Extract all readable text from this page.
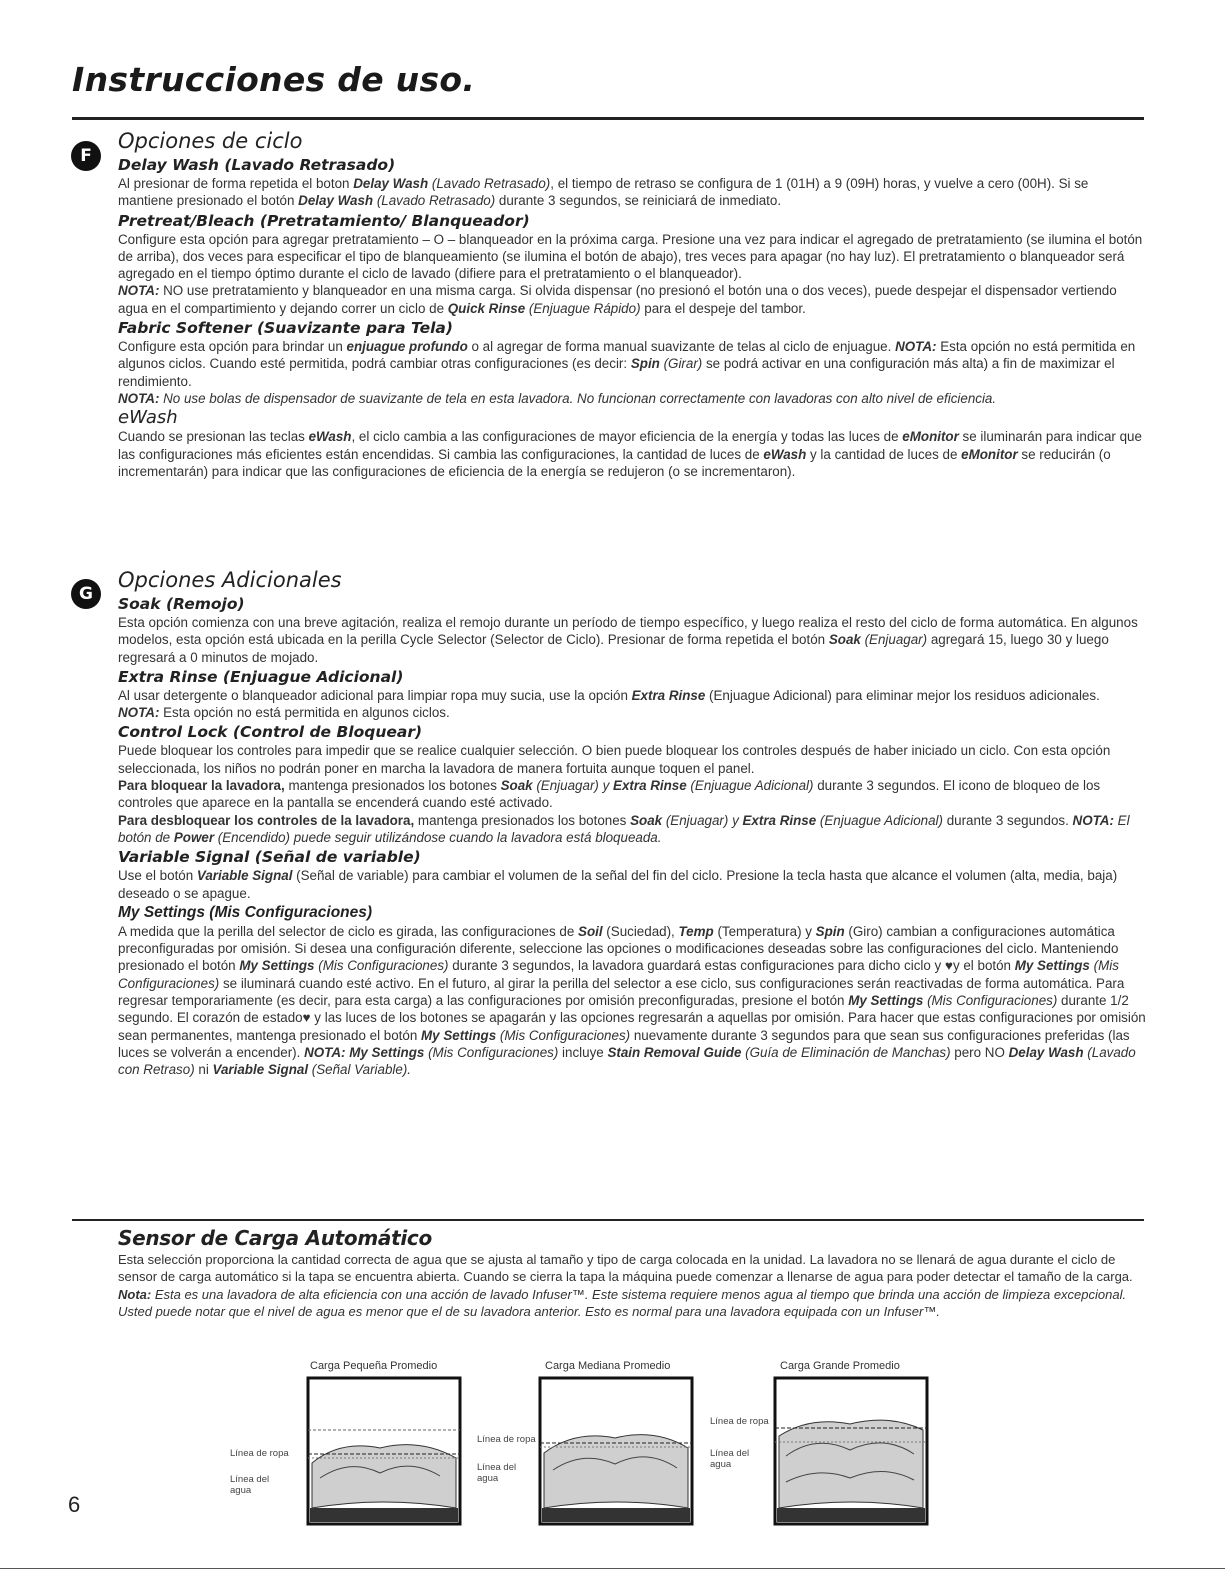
Instrucciones de uso.
F
Opciones de ciclo
Delay Wash (Lavado Retrasado)

Al presionar de forma repetida el boton Delay Wash (Lavado Retrasado), el tiempo de retraso se configura de 1 (01H) a 9 (09H) horas, y vuelve a cero (00H). Si se mantiene presionado el botón Delay Wash (Lavado Retrasado) durante 3 segundos, se reiniciará de inmediato.

Pretreat/Bleach (Pretratamiento/ Blanqueador)

Configure esta opción para agregar pretratamiento – O – blanqueador en la próxima carga. Presione una vez para indicar el agregado de pretratamiento (se ilumina el botón de arriba), dos veces para especificar el tipo de blanqueamiento (se ilumina el botón de abajo), tres veces para apagar (no hay luz). El pretratamiento o blanqueador será agregado en el tiempo óptimo durante el ciclo de lavado (difiere para el pretratamiento o el blanqueador).

NOTA: NO use pretratamiento y blanqueador en una misma carga. Si olvida dispensar (no presionó el botón una o dos veces), puede despejar el dispensador vertiendo agua en el compartimiento y dejando correr un ciclo de Quick Rinse (Enjuague Rápido) para el despeje del tambor.

Fabric Softener (Suavizante para Tela)

Configure esta opción para brindar un enjuague profundo o al agregar de forma manual suavizante de telas al ciclo de enjuague. NOTA: Esta opción no está permitida en algunos ciclos. Cuando esté permitida, podrá cambiar otras configuraciones (es decir: Spin (Girar) se podrá activar en una configuración más alta) a fin de maximizar el rendimiento.

NOTA: No use bolas de dispensador de suavizante de tela en esta lavadora. No funcionan correctamente con lavadoras con alto nivel de eficiencia.

eWash

Cuando se presionan las teclas eWash, el ciclo cambia a las configuraciones de mayor eficiencia de la energía y todas las luces de eMonitor se iluminarán para indicar que las configuraciones más eficientes están encendidas. Si cambia las configuraciones, la cantidad de luces de eWash y la cantidad de luces de eMonitor se reducirán (o incrementarán) para indicar que las configuraciones de eficiencia de la energía se redujeron (o se incrementaron).

G
Opciones Adicionales
Soak (Remojo)

Esta opción comienza con una breve agitación, realiza el remojo durante un período de tiempo específico, y luego realiza el resto del ciclo de forma automática. En algunos modelos, esta opción está ubicada en la perilla Cycle Selector (Selector de Ciclo). Presionar de forma repetida el botón Soak (Enjuagar) agregará 15, luego 30 y luego regresará a 0 minutos de mojado.

Extra Rinse (Enjuague Adicional)

Al usar detergente o blanqueador adicional para limpiar ropa muy sucia, use la opción Extra Rinse (Enjuague Adicional) para eliminar mejor los residuos adicionales.

NOTA: Esta opción no está permitida en algunos ciclos.

Control Lock (Control de Bloquear)

Puede bloquear los controles para impedir que se realice cualquier selección. O bien puede bloquear los controles después de haber iniciado un ciclo. Con esta opción seleccionada, los niños no podrán poner en marcha la lavadora de manera fortuita aunque toquen el panel.

Para bloquear la lavadora, mantenga presionados los botones Soak (Enjuagar) y Extra Rinse (Enjuague Adicional) durante 3 segundos. El icono de bloqueo de los controles que aparece en la pantalla se encenderá cuando esté activado.

Para desbloquear los controles de la lavadora, mantenga presionados los botones Soak (Enjuagar) y Extra Rinse (Enjuague Adicional) durante 3 segundos. NOTA: El botón de Power (Encendido) puede seguir utilizándose cuando la lavadora está bloqueada.

Variable Signal (Señal de variable)

Use el botón Variable Signal (Señal de variable) para cambiar el volumen de la señal del fin del ciclo. Presione la tecla hasta que alcance el volumen (alta, media, baja) deseado o se apague.

My Settings (Mis Configuraciones)

A medida que la perilla del selector de ciclo es girada, las configuraciones de Soil (Suciedad), Temp (Temperatura) y Spin (Giro) cambian a configuraciones automática preconfiguradas por omisión. Si desea una configuración diferente, seleccione las opciones o modificaciones deseadas sobre las configuraciones del ciclo. Manteniendo presionado el botón My Settings (Mis Configuraciones) durante 3 segundos, la lavadora guardará estas configuraciones para dicho ciclo y ♥y el botón My Settings (Mis Configuraciones) se iluminará cuando esté activo. En el futuro, al girar la perilla del selector a ese ciclo, sus configuraciones serán reactivadas de forma automática. Para regresar temporariamente (es decir, para esta carga) a las configuraciones por omisión preconfiguradas, presione el botón My Settings (Mis Configuraciones) durante 1/2 segundo. El corazón de estado♥ y las luces de los botones se apagarán y las opciones regresarán a aquellas por omisión. Para hacer que estas configuraciones por omisión sean permanentes, mantenga presionado el botón My Settings (Mis Configuraciones) nuevamente durante 3 segundos para que sean sus configuraciones preferidas (las luces se volverán a encender). NOTA: My Settings (Mis Configuraciones) incluye Stain Removal Guide (Guía de Eliminación de Manchas) pero NO Delay Wash (Lavado con Retraso) ni Variable Signal (Señal Variable).

Sensor de Carga Automático

Esta selección proporciona la cantidad correcta de agua que se ajusta al tamaño y tipo de carga colocada en la unidad. La lavadora no se llenará de agua durante el ciclo de sensor de carga automático si la tapa se encuentra abierta. Cuando se cierra la tapa la máquina puede comenzar a llenarse de agua para poder detectar el tamaño de la carga.

Nota: Esta es una lavadora de alta eficiencia con una acción de lavado Infuser™. Este sistema requiere menos agua al tiempo que brinda una acción de limpieza excepcional. Usted puede notar que el nivel de agua es menor que el de su lavadora anterior. Esto es normal para una lavadora equipada con un Infuser™.

Carga Pequeña Promedio
Línea de ropa
Línea del
agua
Carga Mediana Promedio
Línea de ropa
Línea del
agua
Carga Grande Promedio
Línea de ropa
Línea del
agua
6
